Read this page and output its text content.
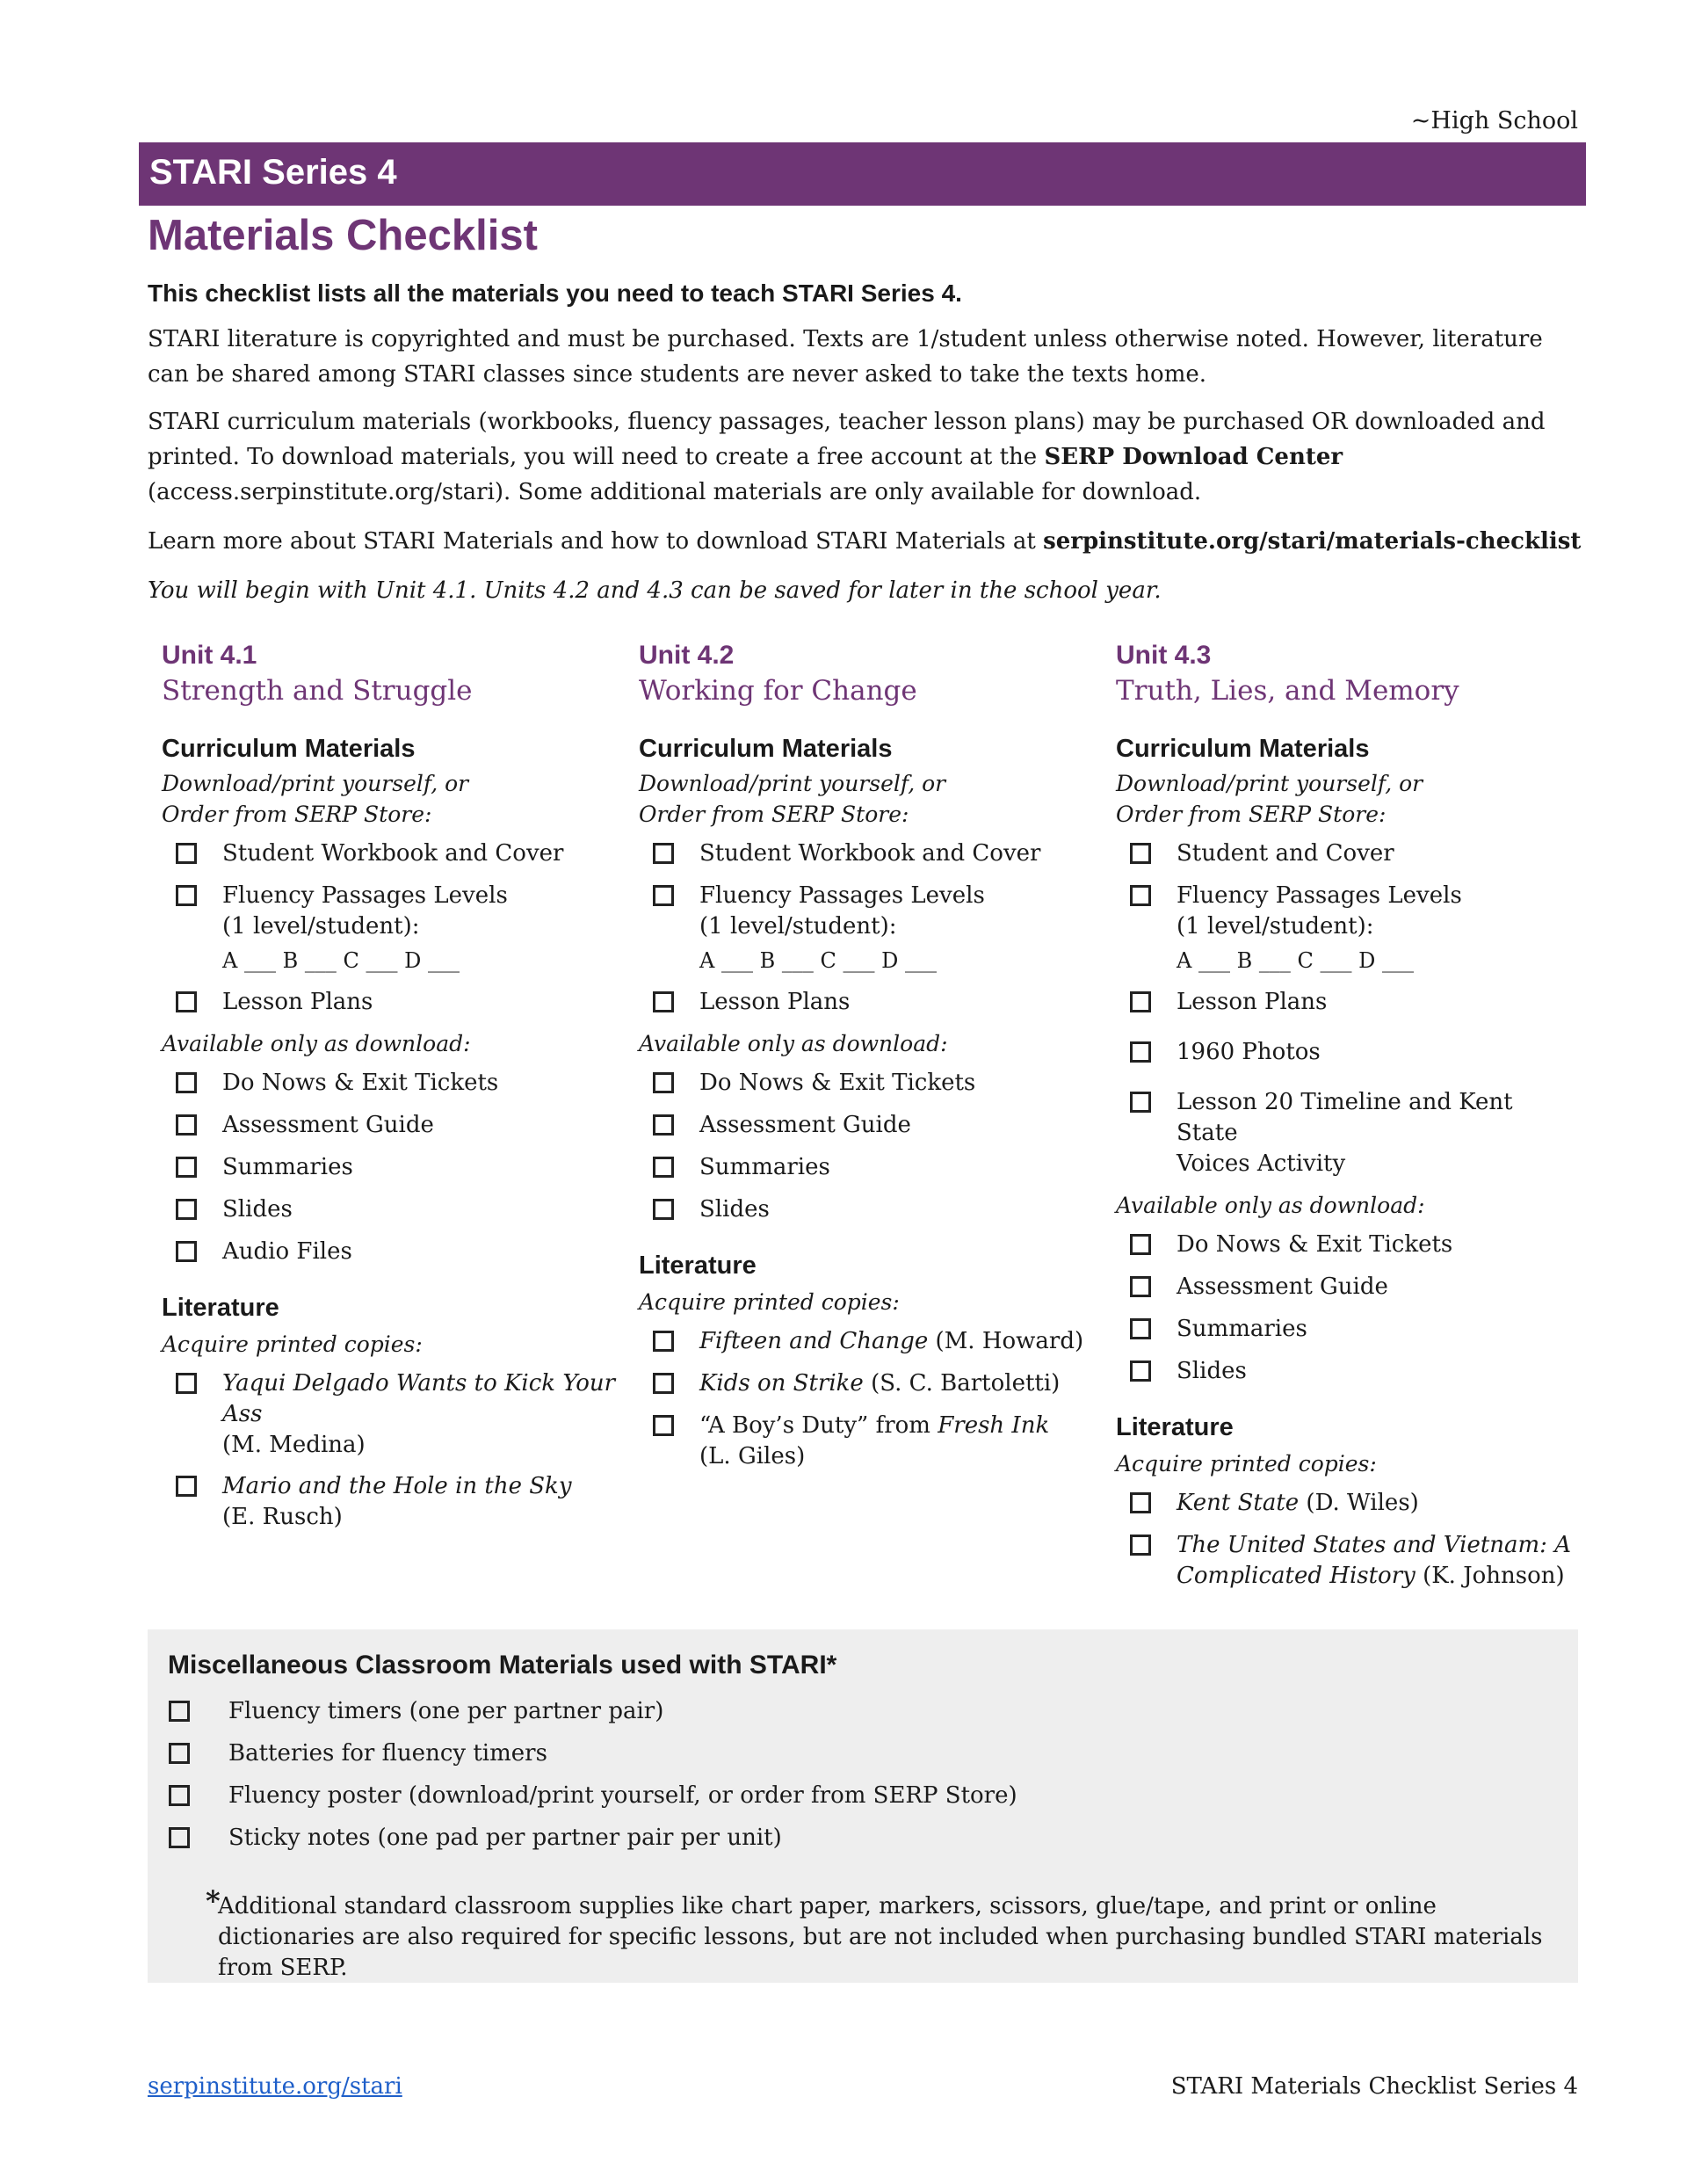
~High School
STARI Series 4
Materials Checklist
This checklist lists all the materials you need to teach STARI Series 4.
STARI literature is copyrighted and must be purchased. Texts are 1/student unless otherwise noted. However, literature can be shared among STARI classes since students are never asked to take the texts home.
STARI curriculum materials (workbooks, fluency passages, teacher lesson plans) may be purchased OR downloaded and printed. To download materials, you will need to create a free account at the SERP Download Center (access.serpinstitute.org/stari). Some additional materials are only available for download.
Learn more about STARI Materials and how to download STARI Materials at serpinstitute.org/stari/materials-checklist
You will begin with Unit 4.1. Units 4.2 and 4.3 can be saved for later in the school year.
Unit 4.1
Strength and Struggle
Curriculum Materials
Download/print yourself, or
Order from SERP Store:
Student Workbook and Cover
Fluency Passages Levels
(1 level/student):
A ___ B ___ C ___ D ___
Lesson Plans
Available only as download:
Do Nows & Exit Tickets
Assessment Guide
Summaries
Slides
Audio Files
Literature
Acquire printed copies:
Yaqui Delgado Wants to Kick Your Ass
(M. Medina)
Mario and the Hole in the Sky
(E. Rusch)
Unit 4.2
Working for Change
Curriculum Materials
Download/print yourself, or
Order from SERP Store:
Student Workbook and Cover
Fluency Passages Levels
(1 level/student):
A ___ B ___ C ___ D ___
Lesson Plans
Available only as download:
Do Nows & Exit Tickets
Assessment Guide
Summaries
Slides
Literature
Acquire printed copies:
Fifteen and Change (M. Howard)
Kids on Strike (S. C. Bartoletti)
“A Boy’s Duty” from Fresh Ink
(L. Giles)
Unit 4.3
Truth, Lies, and Memory
Curriculum Materials
Download/print yourself, or
Order from SERP Store:
Student and Cover
Fluency Passages Levels
(1 level/student):
A ___ B ___ C ___ D ___
Lesson Plans
1960 Photos
Lesson 20 Timeline and Kent State
Voices Activity
Available only as download:
Do Nows & Exit Tickets
Assessment Guide
Summaries
Slides
Literature
Acquire printed copies:
Kent State (D. Wiles)
The United States and Vietnam: A
Complicated History (K. Johnson)
Miscellaneous Classroom Materials used with STARI*
Fluency timers (one per partner pair)
Batteries for fluency timers
Fluency poster (download/print yourself, or order from SERP Store)
Sticky notes (one pad per partner pair per unit)
*
Additional standard classroom supplies like chart paper, markers, scissors, glue/tape, and print or online dictionaries are also required for specific lessons, but are not included when purchasing bundled STARI materials from SERP.
serpinstitute.org/stari	STARI Materials Checklist Series 4
